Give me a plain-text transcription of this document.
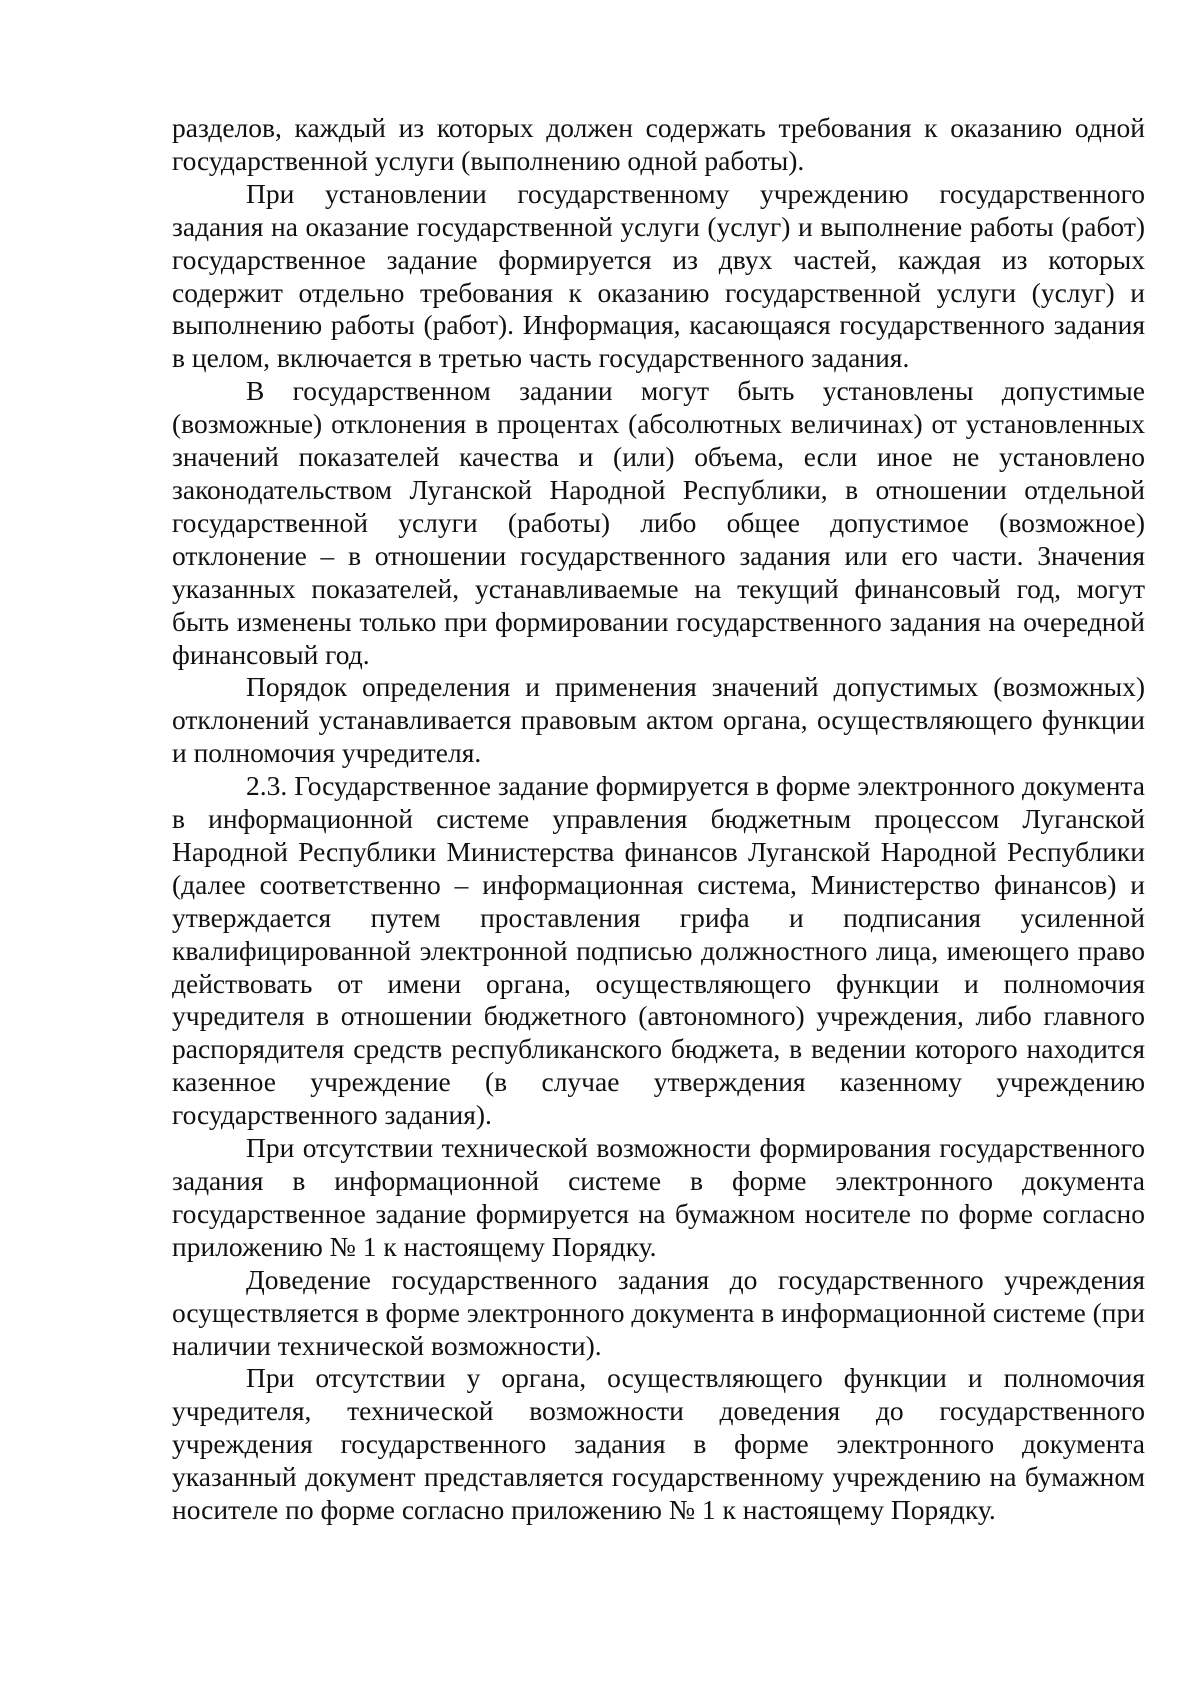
разделов, каждый из которых должен содержать требования к оказанию одной государственной услуги (выполнению одной работы).

При установлении государственному учреждению государственного задания на оказание государственной услуги (услуг) и выполнение работы (работ) государственное задание формируется из двух частей, каждая из которых содержит отдельно требования к оказанию государственной услуги (услуг) и выполнению работы (работ). Информация, касающаяся государственного задания в целом, включается в третью часть государственного задания.

В государственном задании могут быть установлены допустимые (возможные) отклонения в процентах (абсолютных величинах) от установленных значений показателей качества и (или) объема, если иное не установлено законодательством Луганской Народной Республики, в отношении отдельной государственной услуги (работы) либо общее допустимое (возможное) отклонение – в отношении государственного задания или его части. Значения указанных показателей, устанавливаемые на текущий финансовый год, могут быть изменены только при формировании государственного задания на очередной финансовый год.

Порядок определения и применения значений допустимых (возможных) отклонений устанавливается правовым актом органа, осуществляющего функции и полномочия учредителя.

2.3. Государственное задание формируется в форме электронного документа в информационной системе управления бюджетным процессом Луганской Народной Республики Министерства финансов Луганской Народной Республики (далее соответственно – информационная система, Министерство финансов) и утверждается путем проставления грифа и подписания усиленной квалифицированной электронной подписью должностного лица, имеющего право действовать от имени органа, осуществляющего функции и полномочия учредителя в отношении бюджетного (автономного) учреждения, либо главного распорядителя средств республиканского бюджета, в ведении которого находится казенное учреждение (в случае утверждения казенному учреждению государственного задания).

При отсутствии технической возможности формирования государственного задания в информационной системе в форме электронного документа государственное задание формируется на бумажном носителе по форме согласно приложению № 1 к настоящему Порядку.

Доведение государственного задания до государственного учреждения осуществляется в форме электронного документа в информационной системе (при наличии технической возможности).

При отсутствии у органа, осуществляющего функции и полномочия учредителя, технической возможности доведения до государственного учреждения государственного задания в форме электронного документа указанный документ представляется государственному учреждению на бумажном носителе по форме согласно приложению № 1 к настоящему Порядку.
